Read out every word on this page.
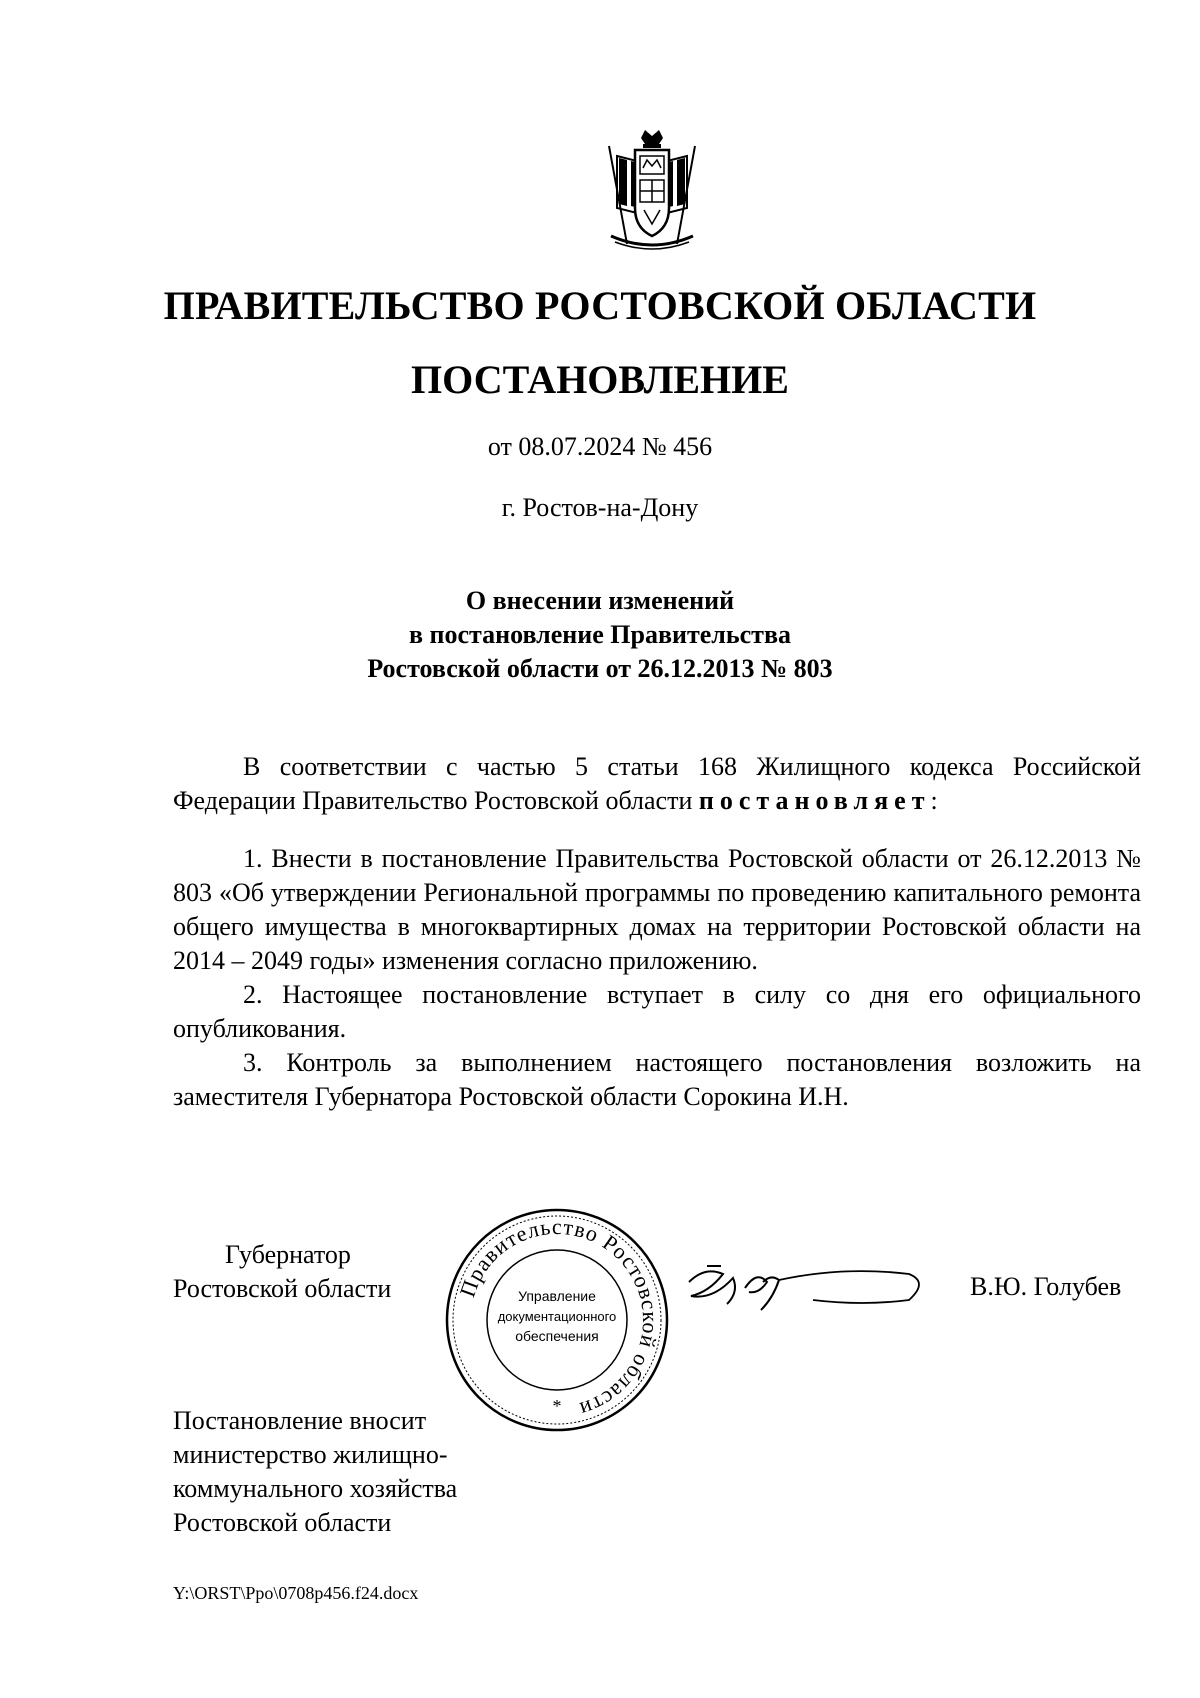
ПРАВИТЕЛЬСТВО РОСТОВСКОЙ ОБЛАСТИ
ПОСТАНОВЛЕНИЕ
от 08.07.2024 № 456
г. Ростов-на-Дону
О внесении изменений
в постановление Правительства
Ростовской области от 26.12.2013 № 803

В соответствии с частью 5 статьи 168 Жилищного кодекса Российской Федерации Правительство Ростовской области постановляет:

1. Внести в постановление Правительства Ростовской области от 26.12.2013 № 803 «Об утверждении Региональной программы по проведению капитального ремонта общего имущества в многоквартирных домах на территории Ростовской области на 2014 – 2049 годы» изменения согласно приложению.

2. Настоящее постановление вступает в силу со дня его официального опубликования.

3. Контроль за выполнением настоящего постановления возложить на заместителя Губернатора Ростовской области Сорокина И.Н.

Губернатор
Ростовской области	Правительство Ростовской области
Управление
документационного
обеспечения
*
В.Ю. Голубев
Постановление вносит
министерство жилищно-
коммунального хозяйства
Ростовской области
Y:\ORST\Ppo\0708p456.f24.docx
